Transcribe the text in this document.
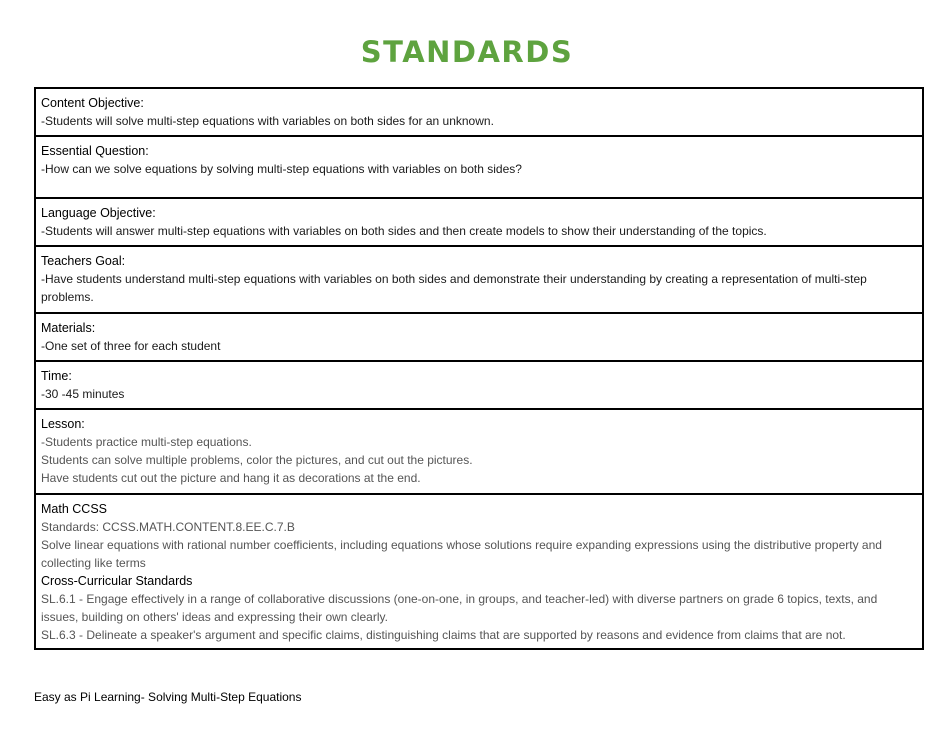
STANDARDS
Content Objective:
-Students will solve multi-step equations with variables on both sides for an unknown.

Essential Question:
-How can we solve equations by solving multi-step equations with variables on both sides?

Language Objective:
-Students will answer multi-step equations with variables on both sides and then create models to show their understanding of the topics.

Teachers Goal:
-Have students understand multi-step equations with variables on both sides and demonstrate their understanding by creating a representation of multi-step problems.

Materials:
-One set of three for each student

Time:
-30 -45 minutes

Lesson:
-Students practice multi-step equations.
Students can solve multiple problems, color the pictures, and cut out the pictures.
Have students cut out the picture and hang it as decorations at the end.

Math CCSS
Standards: CCSS.MATH.CONTENT.8.EE.C.7.B
Solve linear equations with rational number coefficients, including equations whose solutions require expanding expressions using the distributive property and collecting like terms
Cross-Curricular Standards
SL.6.1 - Engage effectively in a range of collaborative discussions (one-on-one, in groups, and teacher-led) with diverse partners on grade 6 topics, texts, and issues, building on others' ideas and expressing their own clearly.
SL.6.3 - Delineate a speaker's argument and specific claims, distinguishing claims that are supported by reasons and evidence from claims that are not.
Easy as Pi Learning- Solving Multi-Step Equations
